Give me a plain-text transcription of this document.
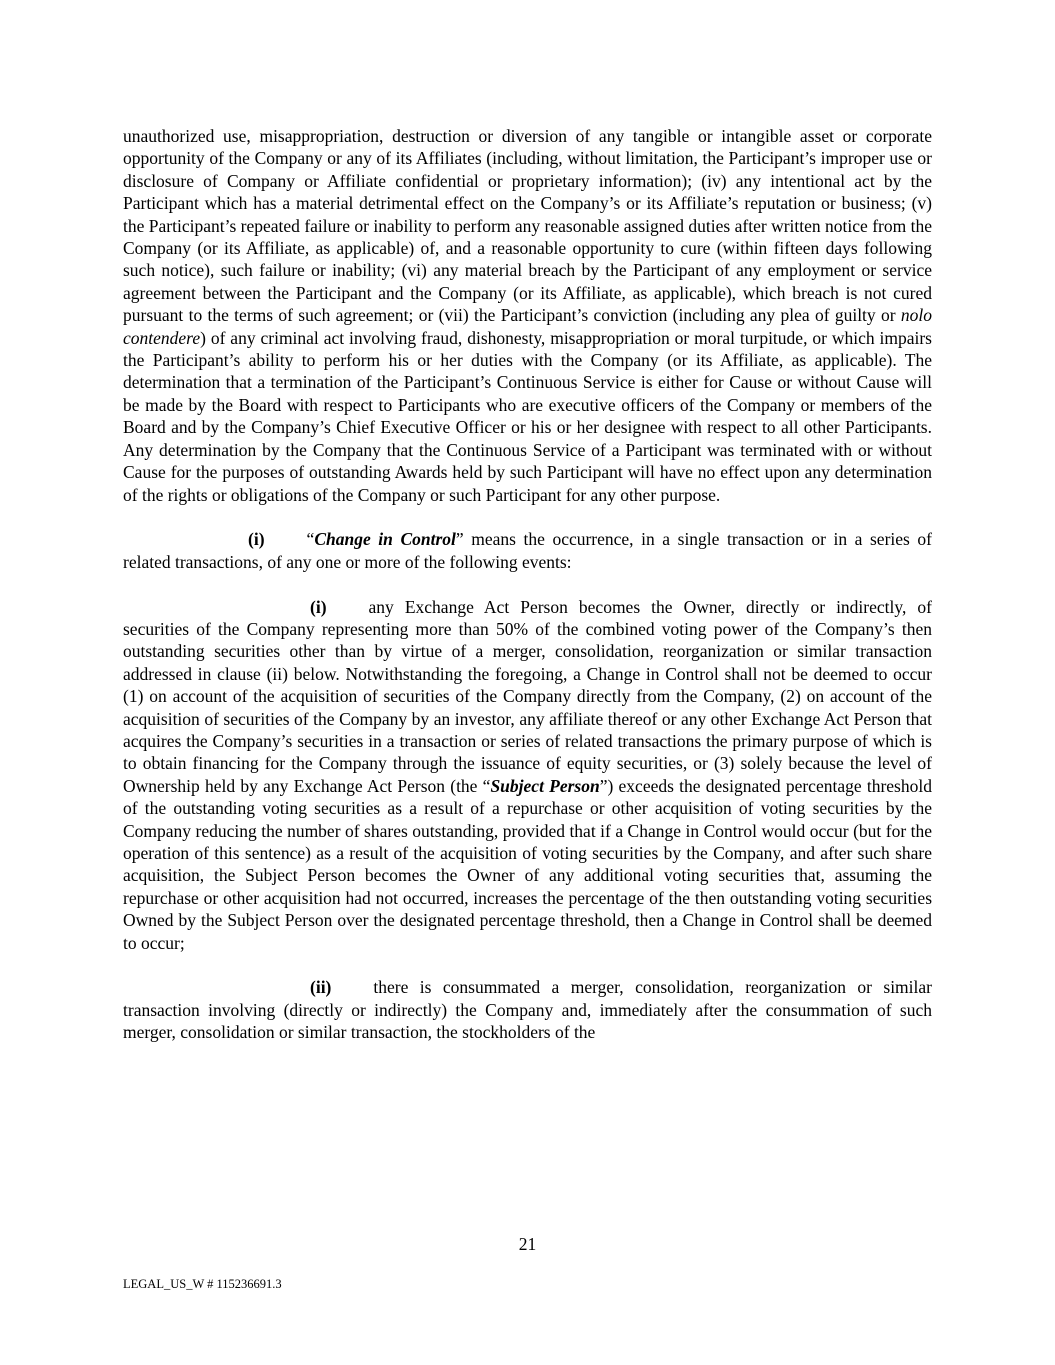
unauthorized use, misappropriation, destruction or diversion of any tangible or intangible asset or corporate opportunity of the Company or any of its Affiliates (including, without limitation, the Participant’s improper use or disclosure of Company or Affiliate confidential or proprietary information); (iv) any intentional act by the Participant which has a material detrimental effect on the Company’s or its Affiliate’s reputation or business; (v) the Participant’s repeated failure or inability to perform any reasonable assigned duties after written notice from the Company (or its Affiliate, as applicable) of, and a reasonable opportunity to cure (within fifteen days following such notice), such failure or inability; (vi) any material breach by the Participant of any employment or service agreement between the Participant and the Company (or its Affiliate, as applicable), which breach is not cured pursuant to the terms of such agreement; or (vii) the Participant’s conviction (including any plea of guilty or nolo contendere) of any criminal act involving fraud, dishonesty, misappropriation or moral turpitude, or which impairs the Participant’s ability to perform his or her duties with the Company (or its Affiliate, as applicable). The determination that a termination of the Participant’s Continuous Service is either for Cause or without Cause will be made by the Board with respect to Participants who are executive officers of the Company or members of the Board and by the Company’s Chief Executive Officer or his or her designee with respect to all other Participants. Any determination by the Company that the Continuous Service of a Participant was terminated with or without Cause for the purposes of outstanding Awards held by such Participant will have no effect upon any determination of the rights or obligations of the Company or such Participant for any other purpose.

(i) “Change in Control” means the occurrence, in a single transaction or in a series of related transactions, of any one or more of the following events:

(i) any Exchange Act Person becomes the Owner, directly or indirectly, of securities of the Company representing more than 50% of the combined voting power of the Company’s then outstanding securities other than by virtue of a merger, consolidation, reorganization or similar transaction addressed in clause (ii) below. Notwithstanding the foregoing, a Change in Control shall not be deemed to occur (1) on account of the acquisition of securities of the Company directly from the Company, (2) on account of the acquisition of securities of the Company by an investor, any affiliate thereof or any other Exchange Act Person that acquires the Company’s securities in a transaction or series of related transactions the primary purpose of which is to obtain financing for the Company through the issuance of equity securities, or (3) solely because the level of Ownership held by any Exchange Act Person (the “Subject Person”) exceeds the designated percentage threshold of the outstanding voting securities as a result of a repurchase or other acquisition of voting securities by the Company reducing the number of shares outstanding, provided that if a Change in Control would occur (but for the operation of this sentence) as a result of the acquisition of voting securities by the Company, and after such share acquisition, the Subject Person becomes the Owner of any additional voting securities that, assuming the repurchase or other acquisition had not occurred, increases the percentage of the then outstanding voting securities Owned by the Subject Person over the designated percentage threshold, then a Change in Control shall be deemed to occur;

(ii) there is consummated a merger, consolidation, reorganization or similar transaction involving (directly or indirectly) the Company and, immediately after the consummation of such merger, consolidation or similar transaction, the stockholders of the

21
LEGAL_US_W # 115236691.3
